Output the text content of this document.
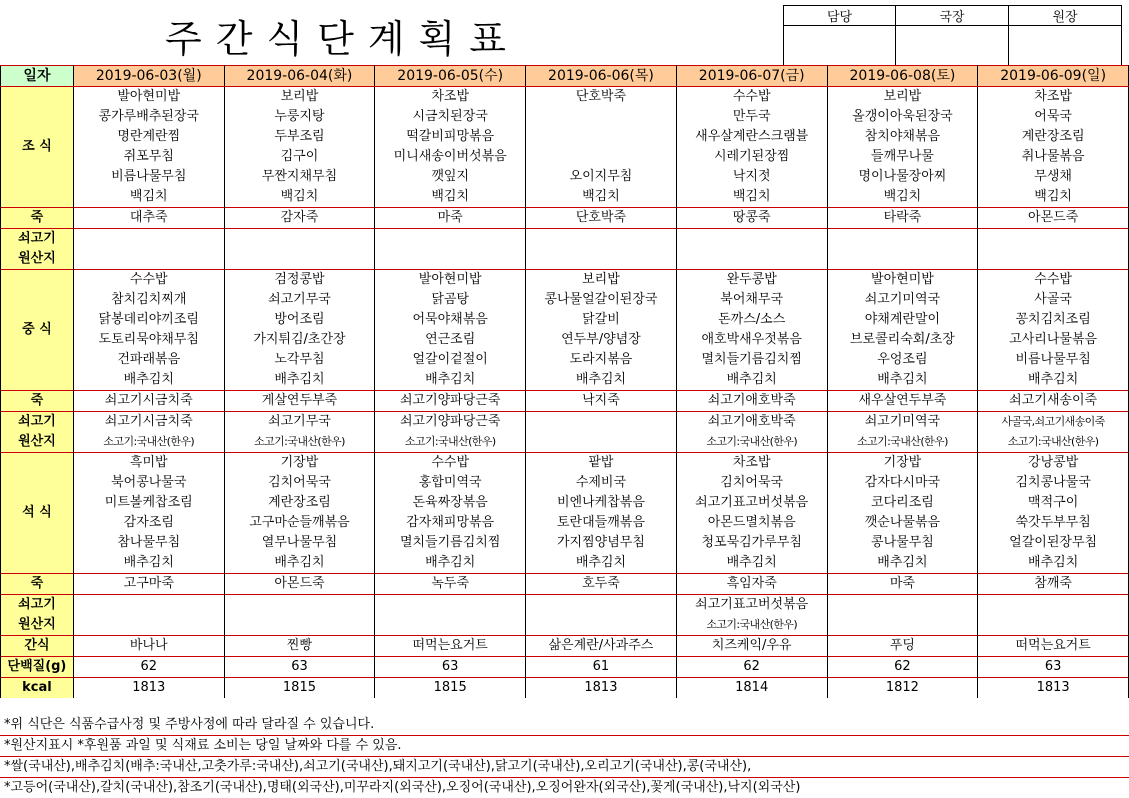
주간식단계획표	담당	국장	원장

일자	2019-06-03(월)	2019-06-04(화)	2019-06-05(수)	2019-06-06(목)	2019-06-07(금)	2019-06-08(토)	2019-06-09(일)
조 식	발아현미밥	보리밥	차조밥	단호박죽	수수밥	보리밥	차조밥
	콩가루배추된장국	누룽지탕	시금치된장국		만두국	올갱이아욱된장국	어묵국
	명란계란찜	두부조림	떡갈비피망볶음		새우살계란스크램블	참치야채볶음	계란장조림
	쥐포무침	김구이	미니새송이버섯볶음		시레기된장찜	들깨무나물	취나물볶음
	비름나물무침	무짠지채무침	깻잎지	오이지무침	낙지젓	명이나물장아찌	무생채
	백김치	백김치	백김치	백김치	백김치	백김치	백김치
죽	대추죽	감자죽	마죽	단호박죽	땅콩죽	타락죽	아몬드죽
쇠고기							
원산지							
중 식	수수밥	검정콩밥	발아현미밥	보리밥	완두콩밥	발아현미밥	수수밥
	참치김치찌개	쇠고기무국	닭곰탕	콩나물얼갈이된장국	북어채무국	쇠고기미역국	사골국
	닭봉데리야끼조림	방어조림	어묵야채볶음	닭갈비	돈까스/소스	야채계란말이	꽁치김치조림
	도토리묵야채무침	가지튀김/초간장	연근조림	연두부/양념장	애호박새우젓볶음	브로콜리숙회/초장	고사리나물볶음
	건파래볶음	노각무침	얼갈이겉절이	도라지볶음	멸치들기름김치찜	우엉조림	비름나물무침
	배추김치	배추김치	배추김치	배추김치	배추김치	배추김치	배추김치
죽	쇠고기시금치죽	게살연두부죽	쇠고기양파당근죽	낙지죽	쇠고기애호박죽	새우살연두부죽	쇠고기새송이죽
쇠고기	쇠고기시금치죽	쇠고기무국	쇠고기양파당근죽		쇠고기애호박죽	쇠고기미역국	사골국,쇠고기새송이죽
원산지	소고기:국내산(한우)	소고기:국내산(한우)	소고기:국내산(한우)		소고기:국내산(한우)	소고기:국내산(한우)	소고기:국내산(한우)
석 식	흑미밥	기장밥	수수밥	팥밥	차조밥	기장밥	강낭콩밥
	북어콩나물국	김치어묵국	홍합미역국	수제비국	김치어묵국	감자다시마국	김치콩나물국
	미트볼케찹조림	계란장조림	돈육짜장볶음	비엔나케찹볶음	쇠고기표고버섯볶음	코다리조림	맥적구이
	감자조림	고구마순들깨볶음	감자채피망볶음	토란대들깨볶음	아몬드멸치볶음	깻순나물볶음	쑥갓두부무침
	참나물무침	열무나물무침	멸치들기름김치찜	가지찜양념무침	청포묵김가루무침	콩나물무침	얼갈이된장무침
	배추김치	배추김치	배추김치	배추김치	배추김치	배추김치	배추김치
죽	고구마죽	아몬드죽	녹두죽	호두죽	흑임자죽	마죽	참깨죽
쇠고기					쇠고기표고버섯볶음		
원산지					소고기:국내산(한우)		
간식	바나나	찐빵	떠먹는요거트	삶은계란/사과주스	치즈케익/우유	푸딩	떠먹는요거트
단백질(g)	62	63	63	61	62	62	63
kcal	1813	1815	1815	1813	1814	1812	1813
*위 식단은 식품수급사정 및 주방사정에 따라 달라질 수 있습니다.
*원산지표시 *후원품 과일 및 식재료 소비는 당일 날짜와 다를 수 있음.
*쌀(국내산),배추김치(배추:국내산,고춧가루:국내산),쇠고기(국내산),돼지고기(국내산),닭고기(국내산),오리고기(국내산),콩(국내산),
*고등어(국내산),갈치(국내산),참조기(국내산),명태(외국산),미꾸라지(외국산),오징어(국내산),오징어완자(외국산),꽃게(국내산),낙지(외국산)
